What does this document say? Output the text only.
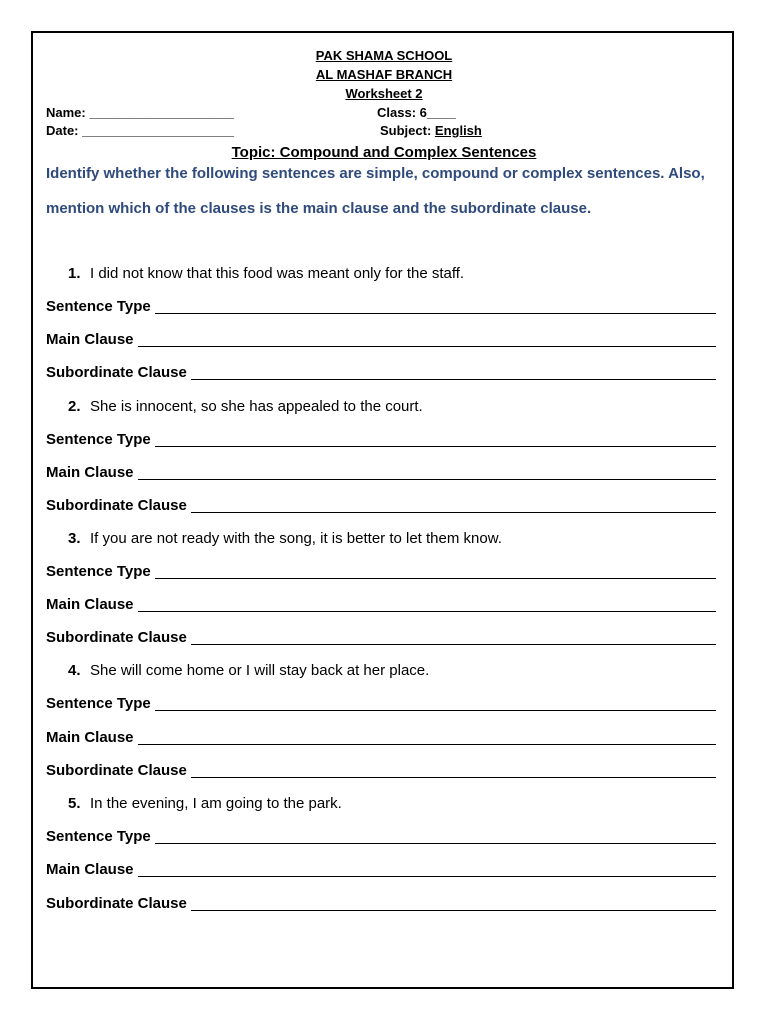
PAK SHAMA SCHOOL
AL MASHAF BRANCH
Worksheet 2
Name: ____________________
Date: _____________________
Class: 6____
Subject: English
Topic: Compound and Complex Sentences
Identify whether the following sentences are simple, compound or complex sentences. Also,
mention which of the clauses is the main clause and the subordinate clause.
1. I did not know that this food was meant only for the staff.
Sentence Type
Main Clause
Subordinate Clause
2. She is innocent, so she has appealed to the court.
Sentence Type
Main Clause
Subordinate Clause
3. If you are not ready with the song, it is better to let them know.
Sentence Type
Main Clause
Subordinate Clause
4. She will come home or I will stay back at her place.
Sentence Type
Main Clause
Subordinate Clause
5. In the evening, I am going to the park.
Sentence Type
Main Clause
Subordinate Clause
